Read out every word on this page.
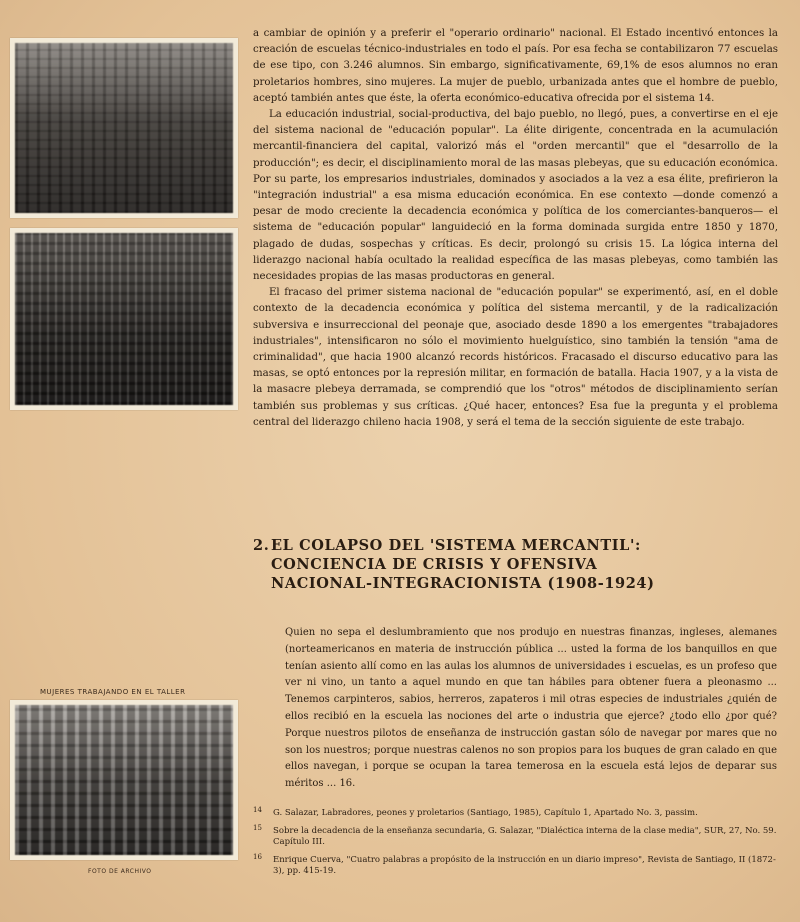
MUJERES TRABAJANDO EN EL TALLER
FOTO DE ARCHIVO

a cambiar de opinión y a preferir el "operario ordinario" nacional. El Estado incentivó entonces la creación de escuelas técnico-industriales en todo el país. Por esa fecha se contabilizaron 77 escuelas de ese tipo, con 3.246 alumnos. Sin embargo, significativamente, 69,1% de esos alumnos no eran proletarios hombres, sino mujeres. La mujer de pueblo, urbanizada antes que el hombre de pueblo, aceptó también antes que éste, la oferta económico-educativa ofrecida por el sistema 14.

La educación industrial, social-productiva, del bajo pueblo, no llegó, pues, a convertirse en el eje del sistema nacional de "educación popular". La élite dirigente, concentrada en la acumulación mercantil-financiera del capital, valorizó más el "orden mercantil" que el "desarrollo de la producción"; es decir, el disciplinamiento moral de las masas plebeyas, que su educación económica. Por su parte, los empresarios industriales, dominados y asociados a la vez a esa élite, prefirieron la "integración industrial" a esa misma educación económica. En ese contexto —donde comenzó a pesar de modo creciente la decadencia económica y política de los comerciantes-banqueros— el sistema de "educación popular" languideció en la forma dominada surgida entre 1850 y 1870, plagado de dudas, sospechas y críticas. Es decir, prolongó su crisis 15. La lógica interna del liderazgo nacional había ocultado la realidad específica de las masas plebeyas, como también las necesidades propias de las masas productoras en general.

El fracaso del primer sistema nacional de "educación popular" se experimentó, así, en el doble contexto de la decadencia económica y política del sistema mercantil, y de la radicalización subversiva e insurreccional del peonaje que, asociado desde 1890 a los emergentes "trabajadores industriales", intensificaron no sólo el movimiento huelguístico, sino también la tensión "ama de criminalidad", que hacia 1900 alcanzó records históricos. Fracasado el discurso educativo para las masas, se optó entonces por la represión militar, en formación de batalla. Hacia 1907, y a la vista de la masacre plebeya derramada, se comprendió que los "otros" métodos de disciplinamiento serían también sus problemas y sus críticas. ¿Qué hacer, entonces? Esa fue la pregunta y el problema central del liderazgo chileno hacia 1908, y será el tema de la sección siguiente de este trabajo.

2. EL COLAPSO DEL 'SISTEMA MERCANTIL':
CONCIENCIA DE CRISIS Y OFENSIVA
NACIONAL-INTEGRACIONISTA (1908-1924)
Quien no sepa el deslumbramiento que nos produjo en nuestras finanzas, ingleses, alemanes (norteamericanos en materia de instrucción pública ... usted la forma de los banquillos en que tenían asiento allí como en las aulas los alumnos de universidades i escuelas, es un profeso que ver ni vino, un tanto a aquel mundo en que tan hábiles para obtener fuera a pleonasmo ... Tenemos carpinteros, sabios, herreros, zapateros i mil otras especies de industriales ¿quién de ellos recibió en la escuela las nociones del arte o industria que ejerce? ¿todo ello ¿por qué? Porque nuestros pilotos de enseñanza de instrucción gastan sólo de navegar por mares que no son los nuestros; porque nuestras calenos no son propios para los buques de gran calado en que ellos navegan, i porque se ocupan la tarea temerosa en la escuela está lejos de deparar sus méritos ... 16.
14 G. Salazar, Labradores, peones y proletarios (Santiago, 1985), Capítulo 1, Apartado No. 3, passim.
15 Sobre la decadencia de la enseñanza secundaria, G. Salazar, "Dialéctica interna de la clase media", SUR, 27, No. 59. Capítulo III.
16 Enrique Cuerva, "Cuatro palabras a propósito de la instrucción en un diario impreso", Revista de Santiago, II (1872-3), pp. 415-19.
